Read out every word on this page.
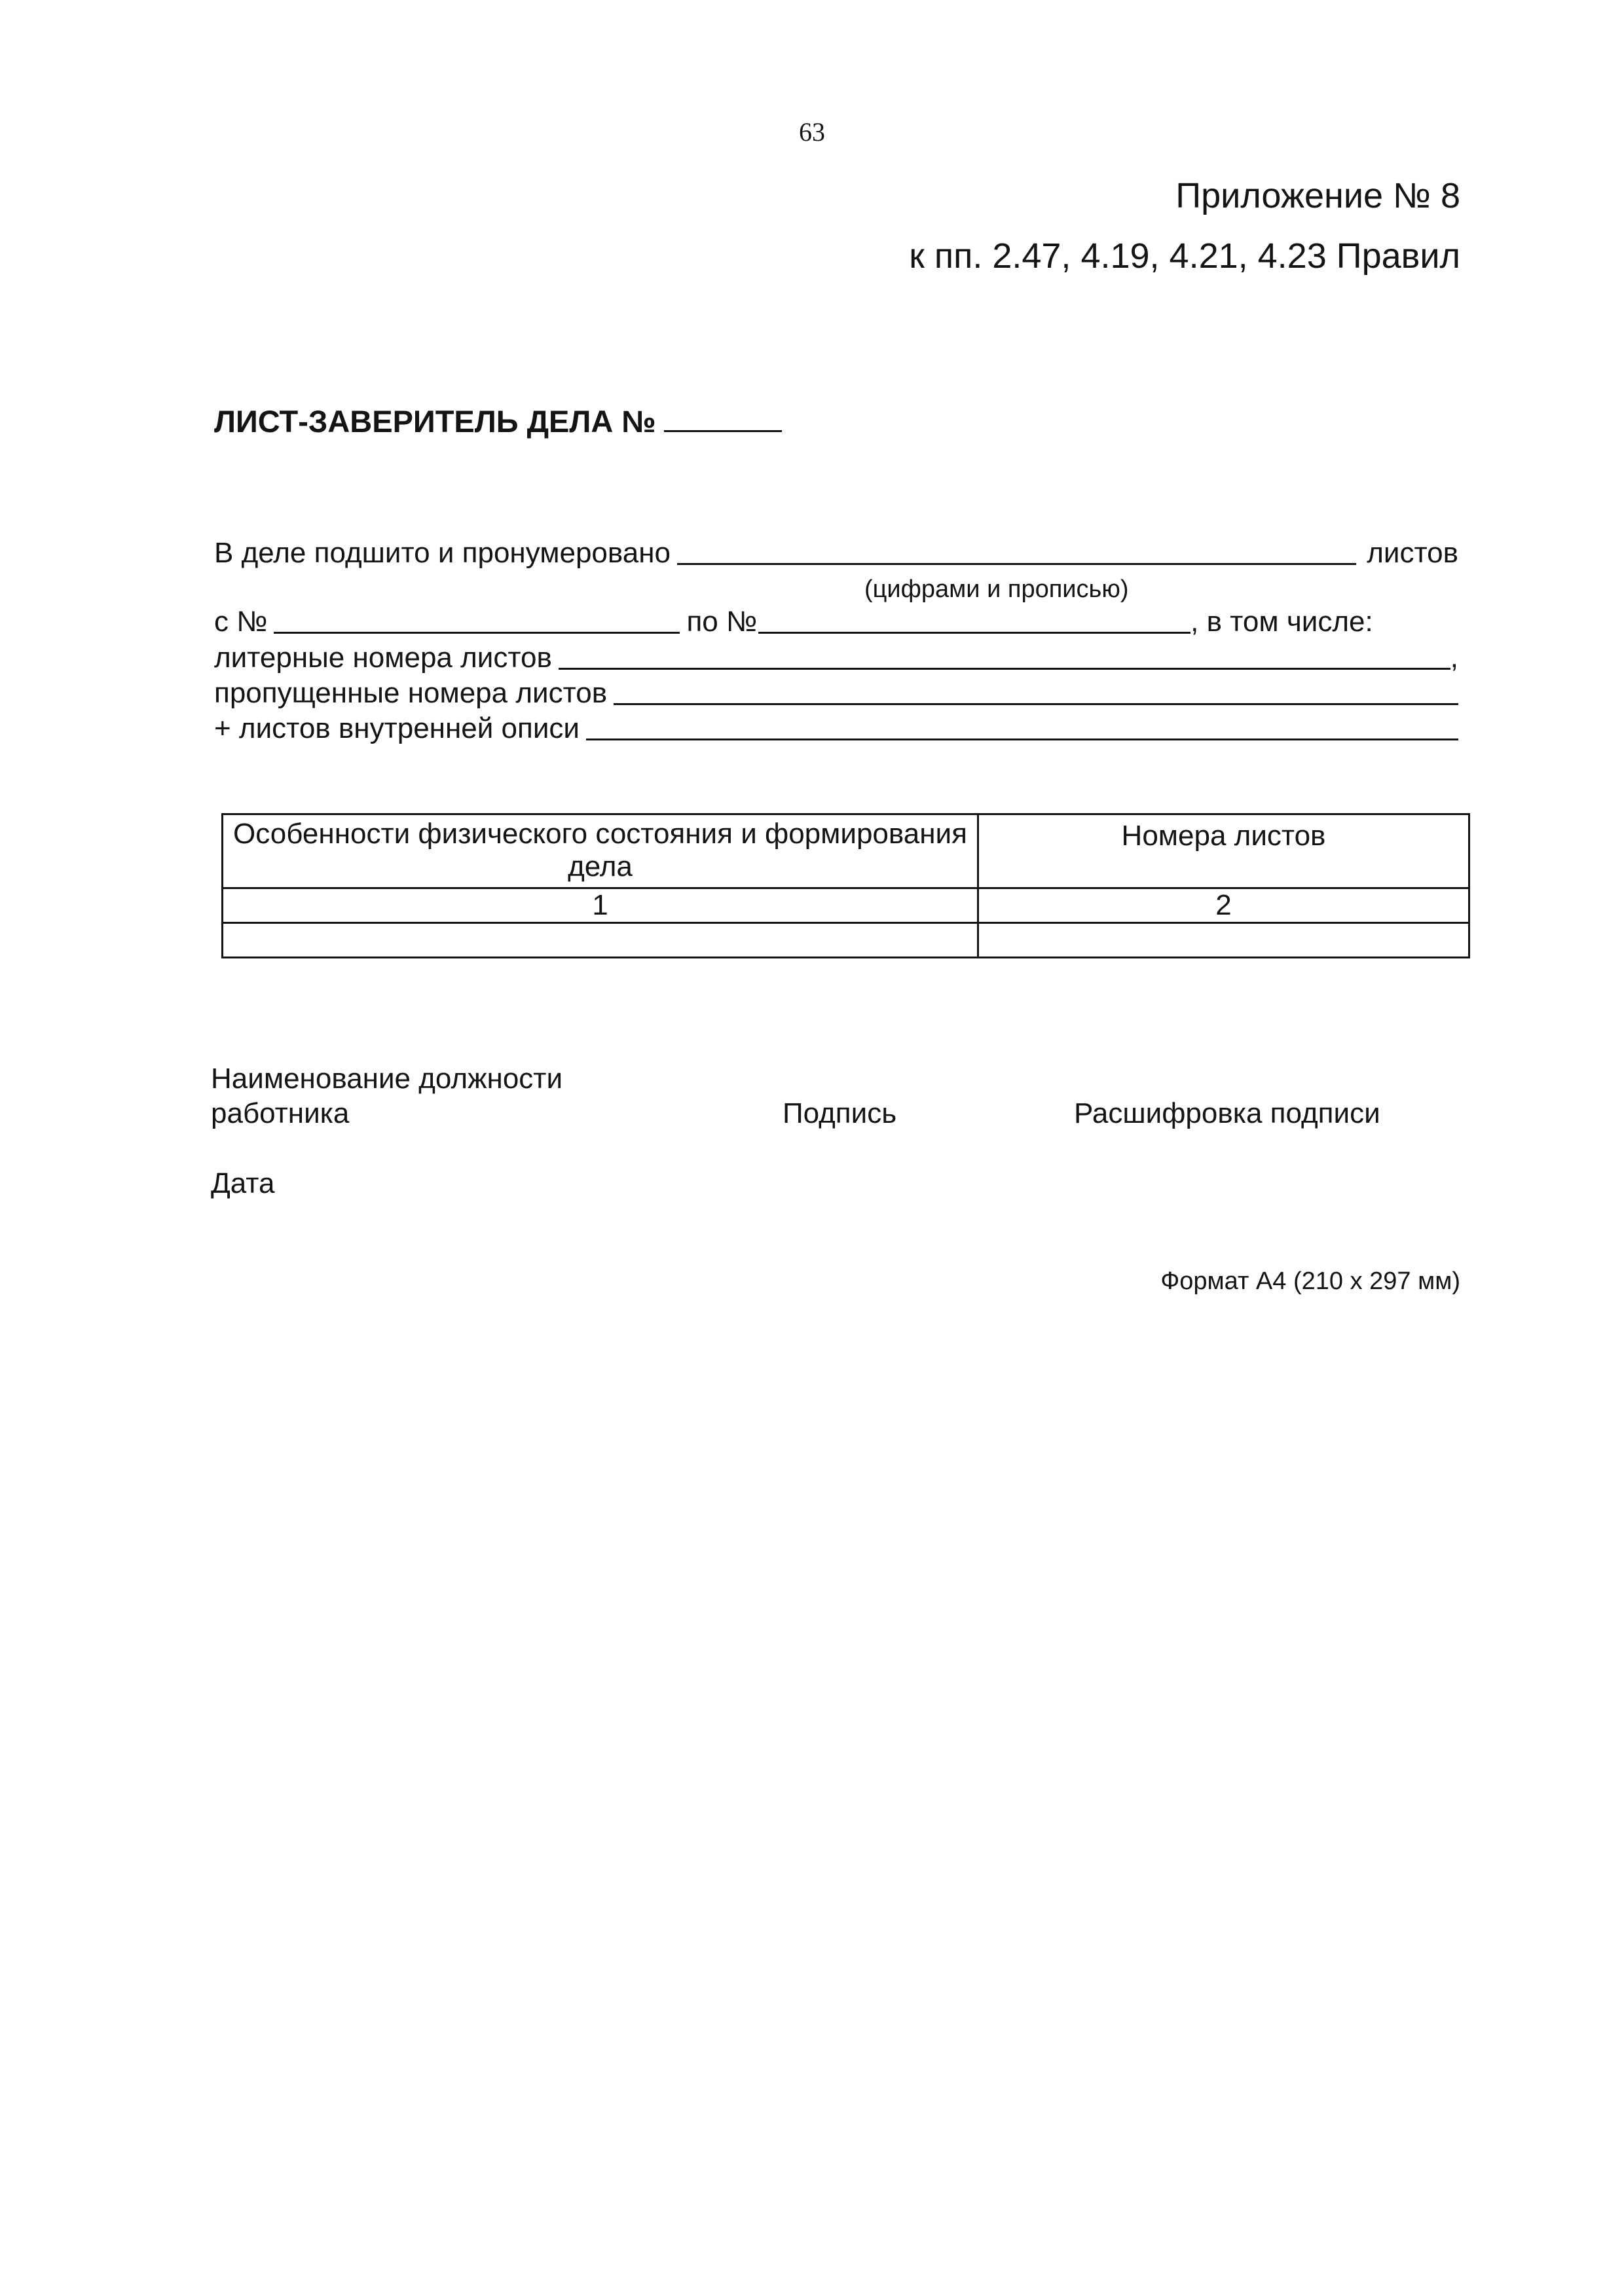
63
Приложение № 8
к пп. 2.47, 4.19, 4.21, 4.23 Правил
ЛИСТ-ЗАВЕРИТЕЛЬ ДЕЛА №
В деле подшито и пронумеровано	листов
(цифрами и прописью)
с №	по №	, в том числе:
литерные номера листов	,
пропущенные номера листов
+ листов внутренней описи
Особенности физического состояния и формирования дела	Номера листов
1	2

Наименование должности
работника	Подпись	Расшифровка подписи
Дата
Формат А4 (210 х 297 мм)
